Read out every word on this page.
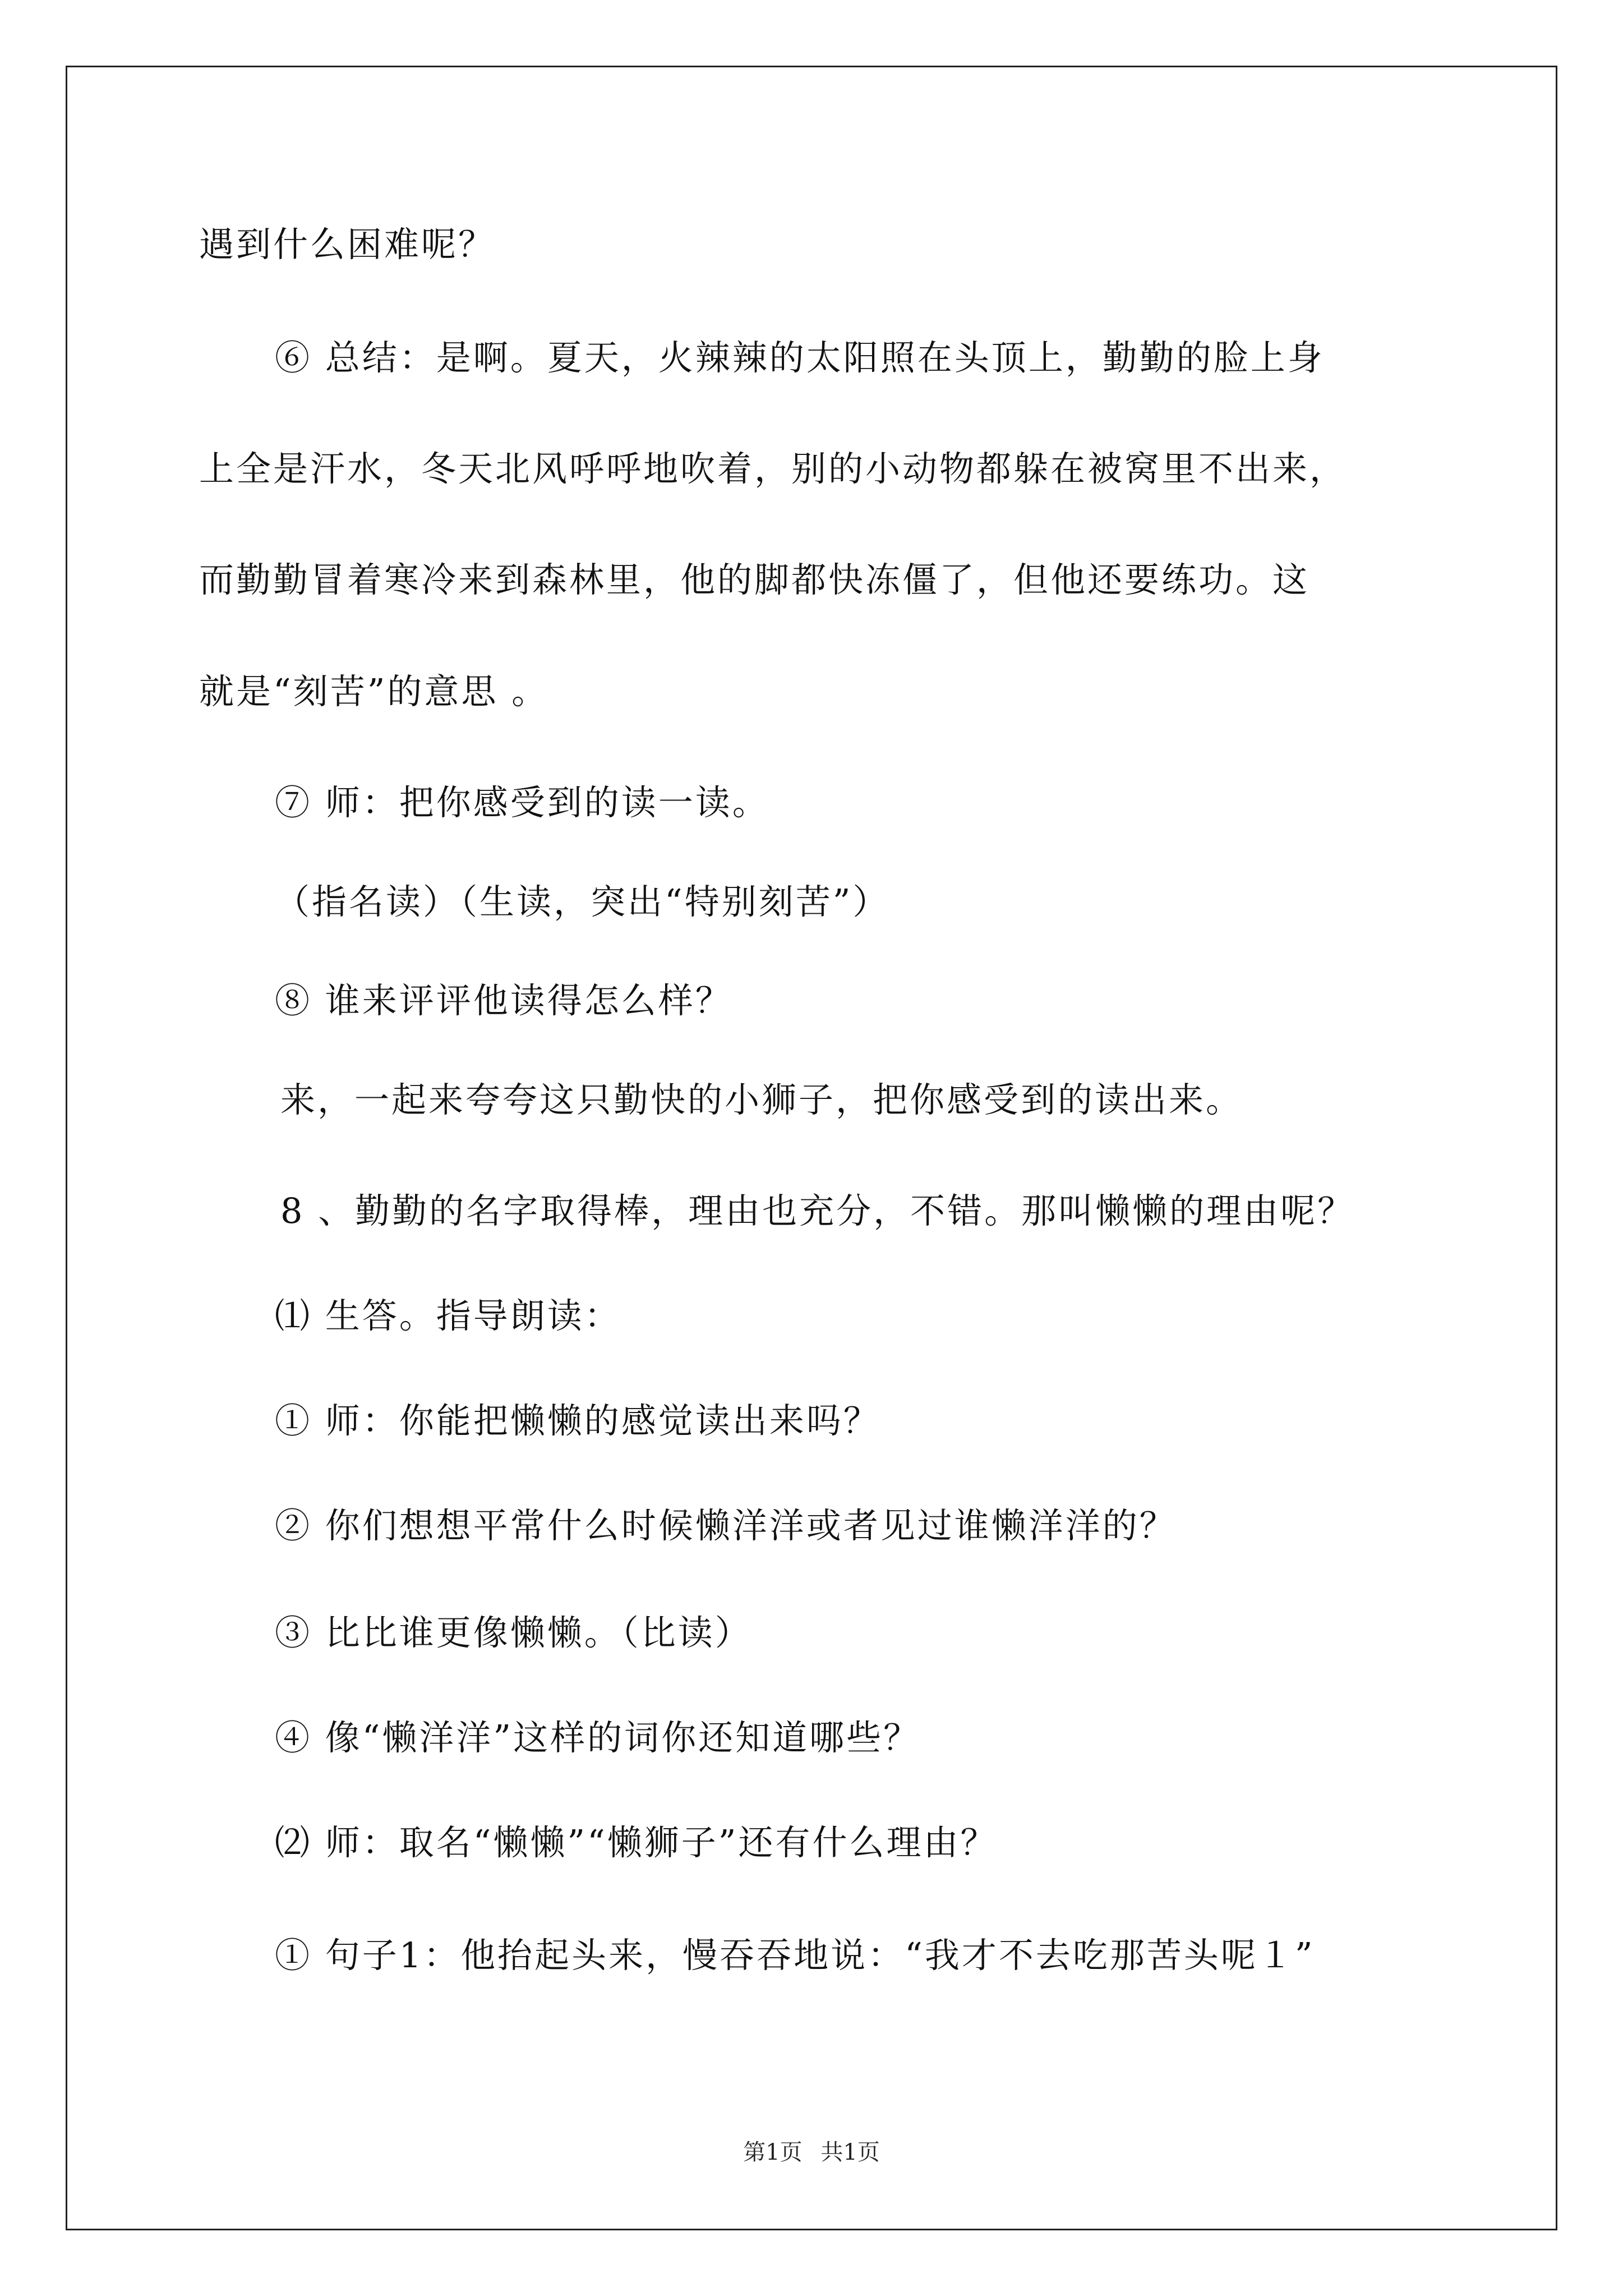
遇到什么困难呢？
⑥ 总结：是啊。夏天，火辣辣的太阳照在头顶上，勤勤的脸上身
上全是汗水，冬天北风呼呼地吹着，别的小动物都躲在被窝里不出来，
而勤勤冒着寒冷来到森林里，他的脚都快冻僵了，但他还要练功。这
就是“刻苦”的意思 。
⑦ 师：把你感受到的读一读。
（指名读）（生读，突出“特别刻苦”）
⑧ 谁来评评他读得怎么样？
来，一起来夸夸这只勤快的小狮子，把你感受到的读出来。
8 、勤勤的名字取得棒，理由也充分，不错。那叫懒懒的理由呢？
⑴ 生答。指导朗读：
① 师：你能把懒懒的感觉读出来吗？
② 你们想想平常什么时候懒洋洋或者见过谁懒洋洋的？
③ 比比谁更像懒懒。（比读）
④ 像“懒洋洋”这样的词你还知道哪些？
⑵ 师：取名“懒懒”“懒狮子”还有什么理由？
① 句子1：他抬起头来，慢吞吞地说：“我才不去吃那苦头呢１”
第1页 共1页
